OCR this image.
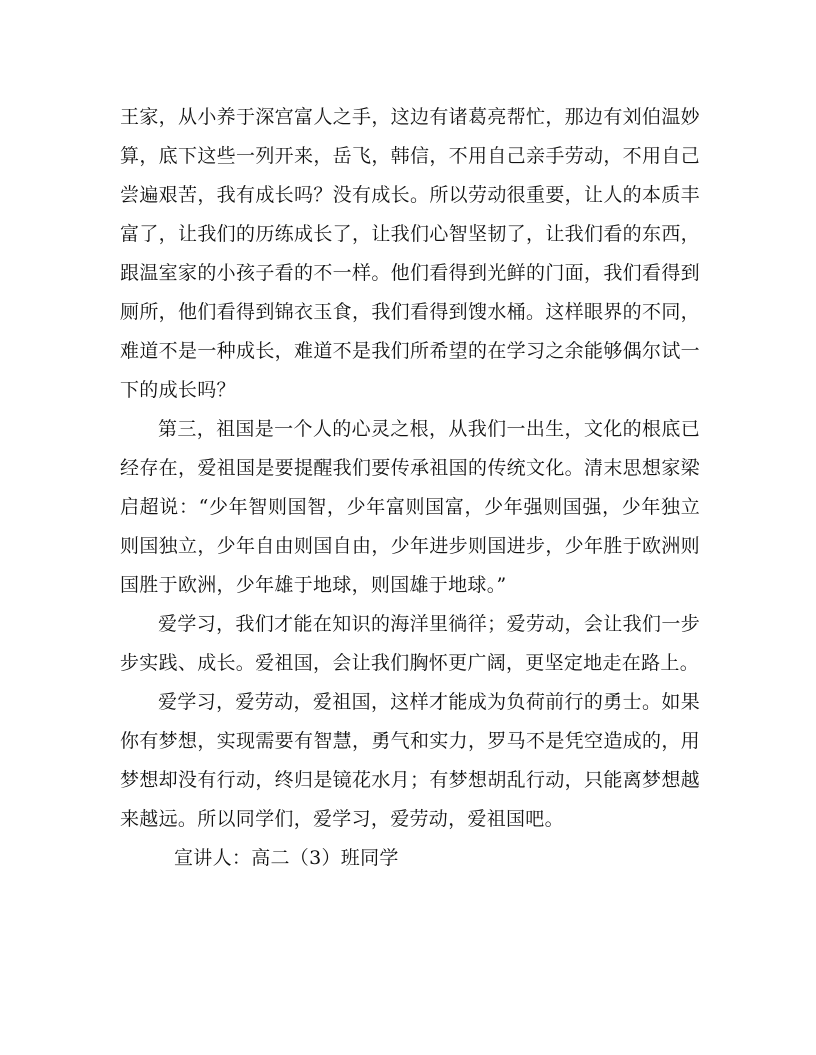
王家，从小养于深宫富人之手，这边有诸葛亮帮忙，那边有刘伯温妙算，底下这些一列开来，岳飞，韩信，不用自己亲手劳动，不用自己尝遍艰苦，我有成长吗？没有成长。所以劳动很重要，让人的本质丰富了，让我们的历练成长了，让我们心智坚韧了，让我们看的东西，跟温室家的小孩子看的不一样。他们看得到光鲜的门面，我们看得到厕所，他们看得到锦衣玉食，我们看得到馊水桶。这样眼界的不同，难道不是一种成长，难道不是我们所希望的在学习之余能够偶尔试一下的成长吗？

第三，祖国是一个人的心灵之根，从我们一出生，文化的根底已经存在，爱祖国是要提醒我们要传承祖国的传统文化。清末思想家梁启超说：“少年智则国智，少年富则国富，少年强则国强，少年独立则国独立，少年自由则国自由，少年进步则国进步，少年胜于欧洲则国胜于欧洲，少年雄于地球，则国雄于地球。”

爱学习，我们才能在知识的海洋里徜徉；爱劳动，会让我们一步步实践、成长。爱祖国，会让我们胸怀更广阔，更坚定地走在路上。

爱学习，爱劳动，爱祖国，这样才能成为负荷前行的勇士。如果你有梦想，实现需要有智慧，勇气和实力，罗马不是凭空造成的，用梦想却没有行动，终归是镜花水月；有梦想胡乱行动，只能离梦想越来越远。所以同学们，爱学习，爱劳动，爱祖国吧。

宣讲人：高二（3）班同学
